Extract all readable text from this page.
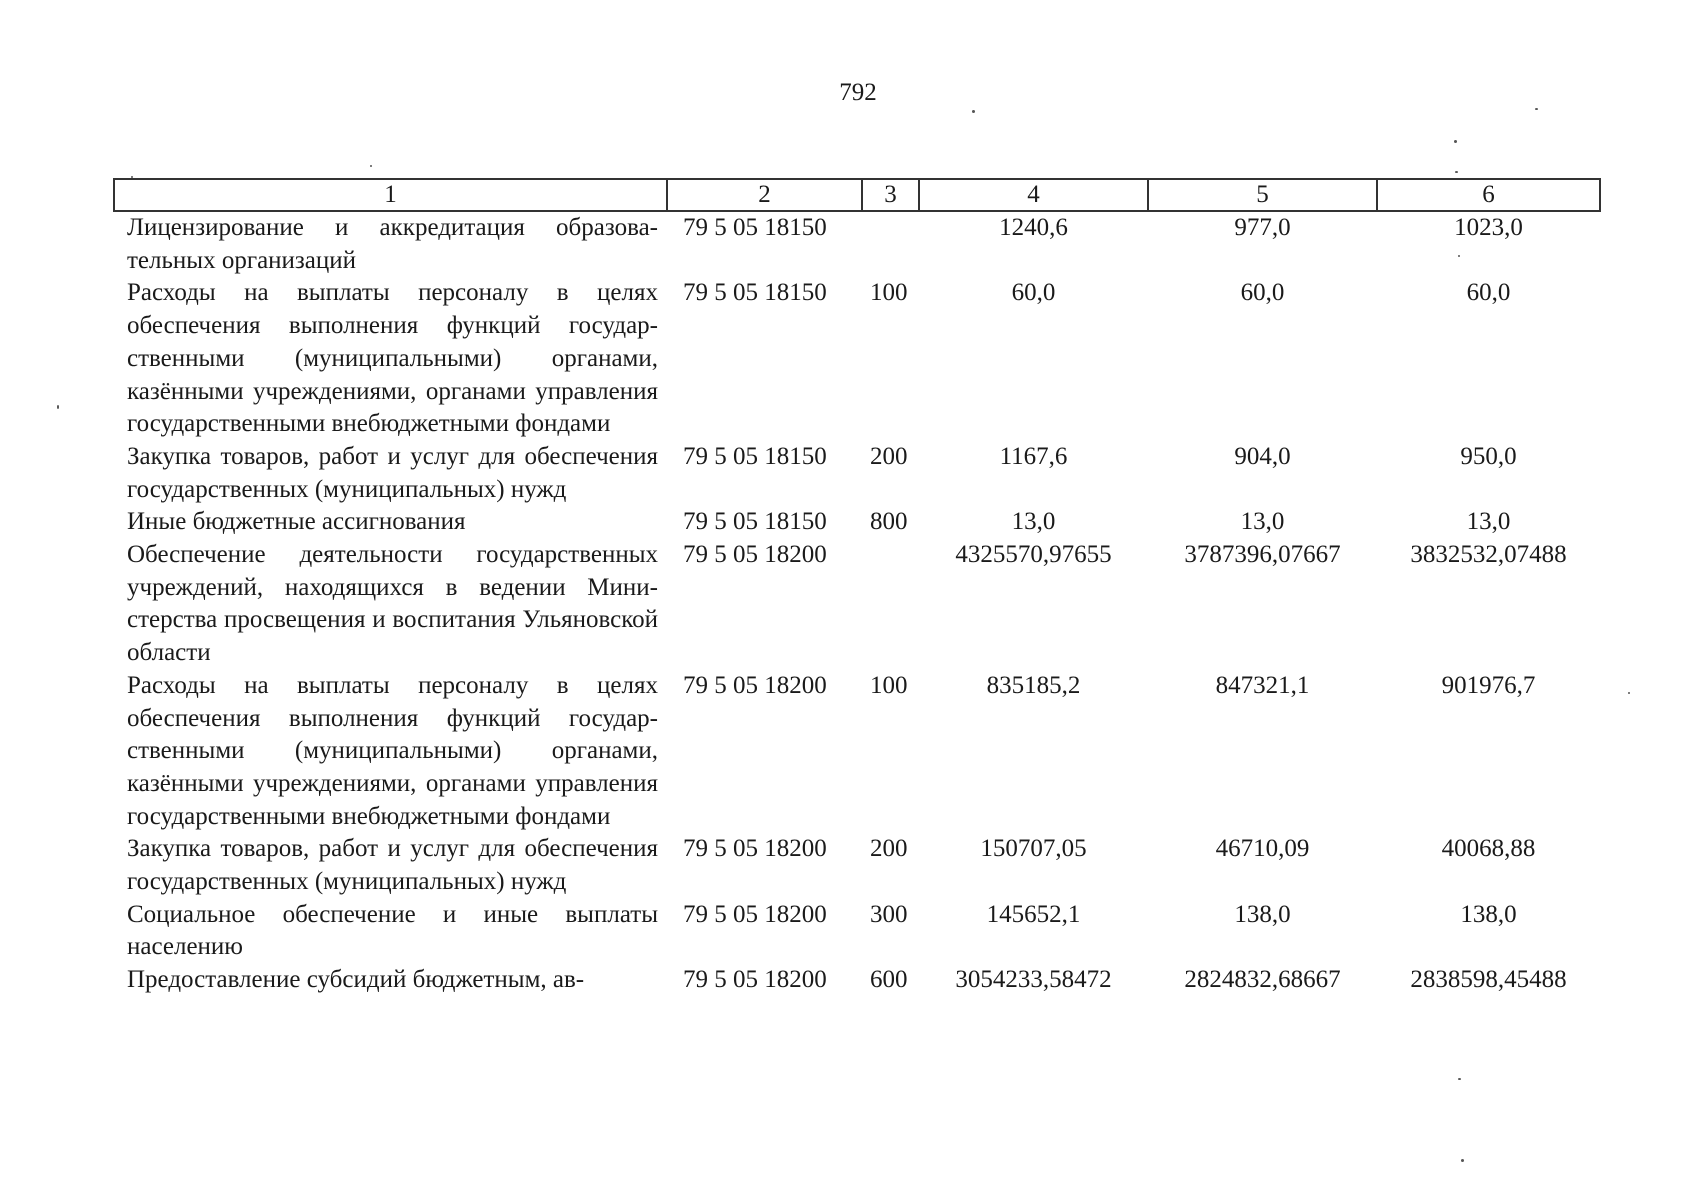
792
1	2	3	4	5	6
Лицензирование и аккредитация образовательных организаций	79 5 05 18150		1240,6	977,0	1023,0
Расходы на выплаты персоналу в целях обеспечения выполнения функций государственными (муниципальными) органами, казёнными учреждениями, органами управления государственными внебюджетными фондами	79 5 05 18150	100	60,0	60,0	60,0
Закупка товаров, работ и услуг для обеспечения государственных (муниципальных) нужд	79 5 05 18150	200	1167,6	904,0	950,0
Иные бюджетные ассигнования	79 5 05 18150	800	13,0	13,0	13,0
Обеспечение деятельности государственных учреждений, находящихся в ведении Министерства просвещения и воспитания Ульяновской области	79 5 05 18200		4325570,97655	3787396,07667	3832532,07488
Расходы на выплаты персоналу в целях обеспечения выполнения функций государственными (муниципальными) органами, казёнными учреждениями, органами управления государственными внебюджетными фондами	79 5 05 18200	100	835185,2	847321,1	901976,7
Закупка товаров, работ и услуг для обеспечения государственных (муниципальных) нужд	79 5 05 18200	200	150707,05	46710,09	40068,88
Социальное обеспечение и иные выплаты населению	79 5 05 18200	300	145652,1	138,0	138,0
Предоставление субсидий бюджетным, ав-	79 5 05 18200	600	3054233,58472	2824832,68667	2838598,45488
